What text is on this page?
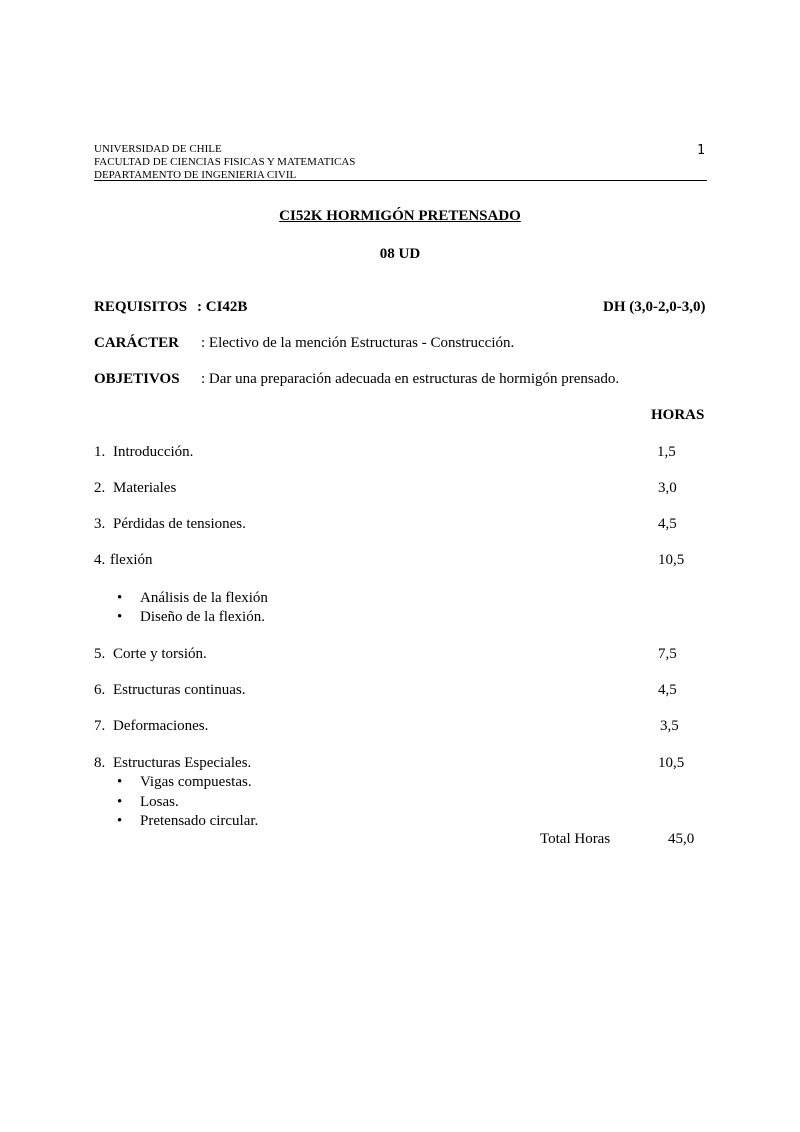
UNIVERSIDAD DE CHILE
FACULTAD DE CIENCIAS FISICAS Y MATEMATICAS
DEPARTAMENTO DE INGENIERIA CIVIL
1
CI52K HORMIGÓN PRETENSADO
08 UD
REQUISITOS : CI42B	DH (3,0-2,0-3,0)
CARÁCTER : Electivo de la mención Estructuras - Construcción.
OBJETIVOS : Dar una preparación adecuada en estructuras de hormigón prensado.
HORAS
1. Introducción.	1,5
2. Materiales	3,0
3. Pérdidas de tensiones.	4,5
4. flexión	10,5
• Análisis de la flexión
• Diseño de la flexión.
5. Corte y torsión.	7,5
6. Estructuras continuas.	4,5
7. Deformaciones.	3,5
8. Estructuras Especiales.	10,5
• Vigas compuestas.
• Losas.
• Pretensado circular.
Total Horas	45,0
